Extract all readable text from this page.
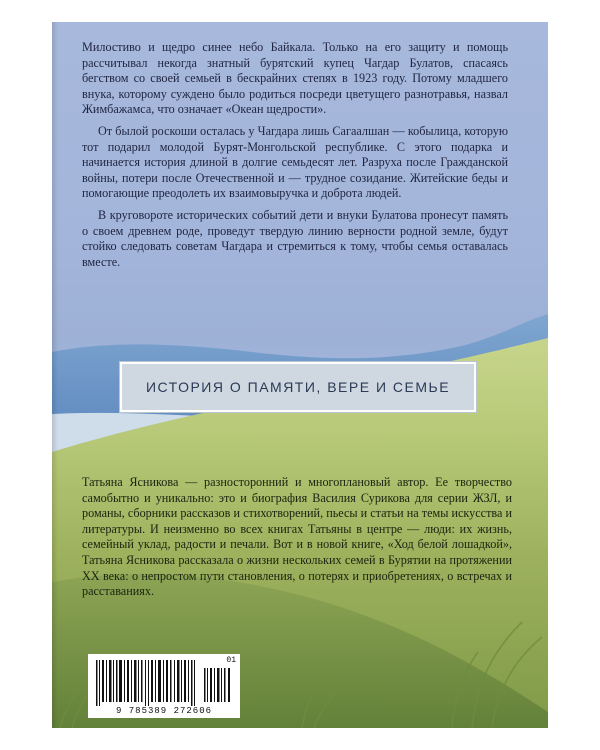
Милостиво и щедро синее небо Байкала. Только на его защиту и помощь рассчитывал некогда знатный бурятский купец Чагдар Булатов, спасаясь бегством со своей семьей в бескрайних степях в 1923 году. Потому младшего внука, которому суждено было родиться посреди цветущего разнотравья, назвал Жимбажамса, что означает «Океан щедрости».

От былой роскоши осталась у Чагдара лишь Сагаалшан — кобылица, которую тот подарил молодой Бурят-Монгольской республике. С этого подарка и начинается история длиной в долгие семьдесят лет. Разруха после Гражданской войны, потери после Отечественной и — трудное созидание. Житейские беды и помогающие преодолеть их взаимовыручка и доброта людей.

В круговороте исторических событий дети и внуки Булатова пронесут память о своем древнем роде, проведут твердую линию верности родной земле, будут стойко следовать советам Чагдара и стремиться к тому, чтобы семья оставалась вместе.

ИСТОРИЯ О ПАМЯТИ, ВЕРЕ И СЕМЬЕ

Татьяна Ясникова — разносторонний и многоплановый автор. Ее творчество самобытно и уникально: это и биография Василия Сурикова для серии ЖЗЛ, и романы, сборники рассказов и стихотворений, пьесы и статьи на темы искусства и литературы. И неизменно во всех книгах Татьяны в центре — люди: их жизнь, семейный уклад, радости и печали. Вот и в новой книге, «Ход белой лошадкой», Татьяна Ясникова рассказала о жизни нескольких семей в Бурятии на протяжении XX века: о непростом пути становления, о потерях и приобретениях, о встречах и расставаниях.

01
9 785389 272606
